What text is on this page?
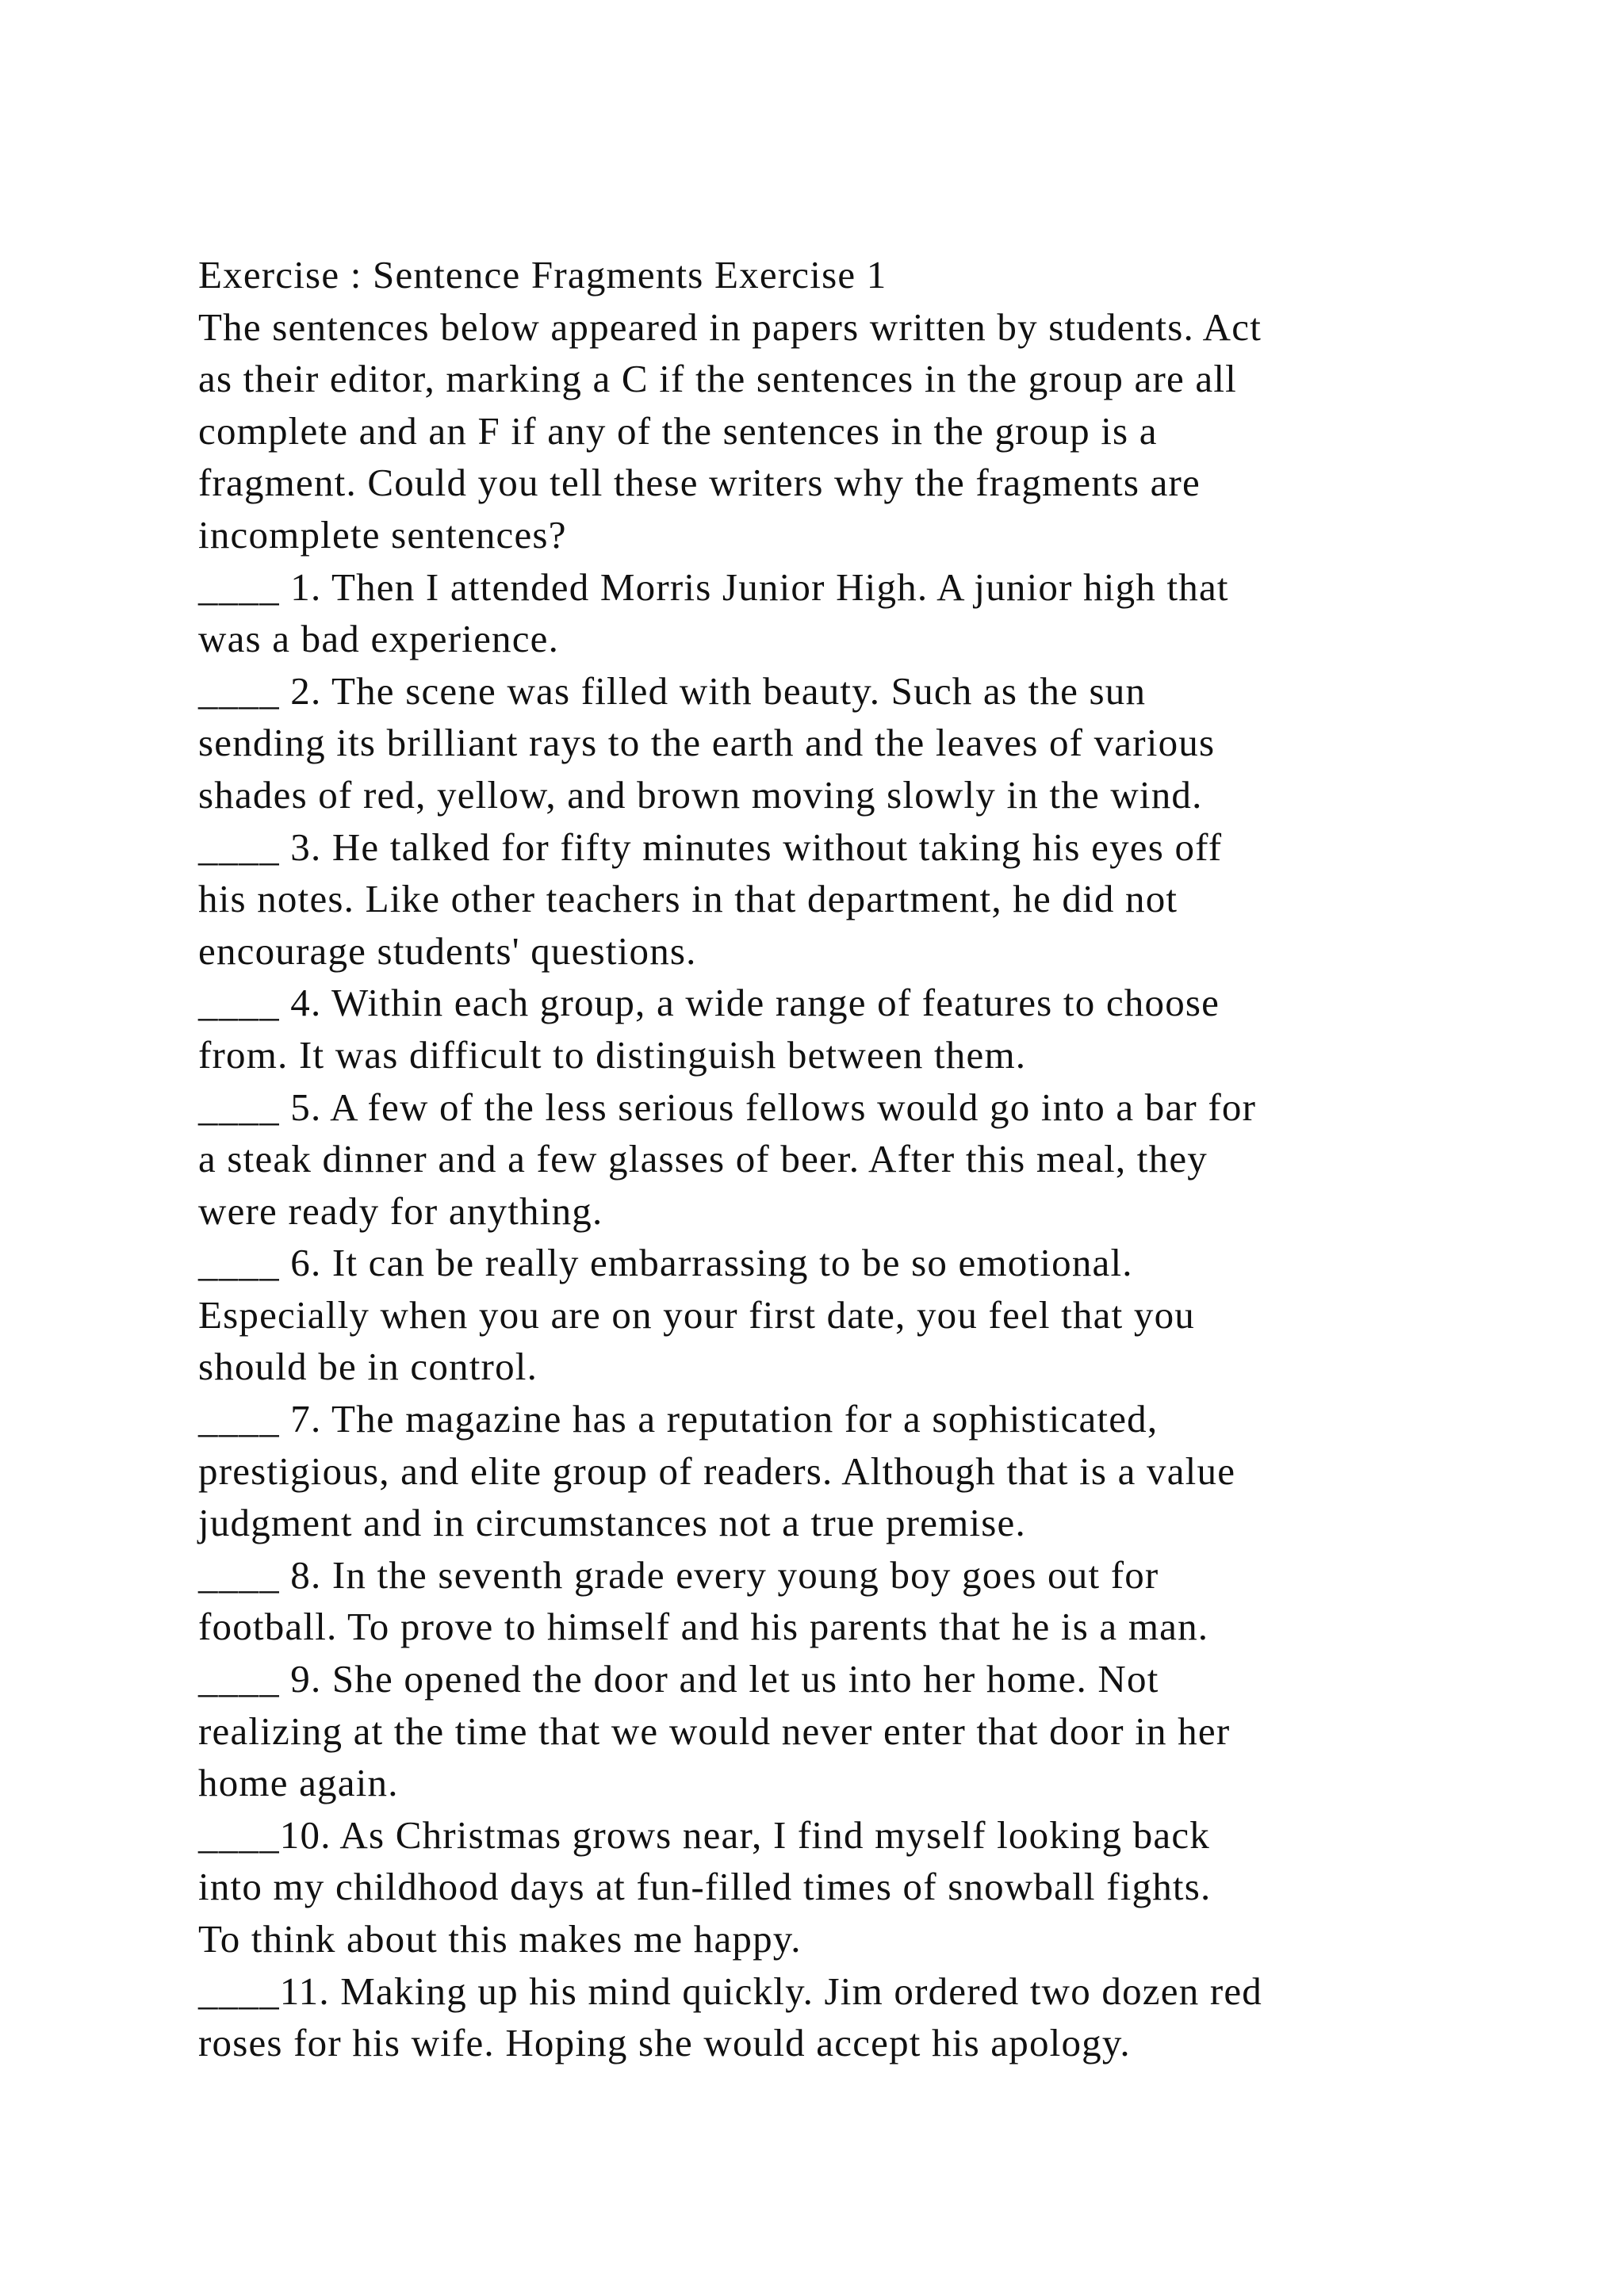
Exercise : Sentence Fragments Exercise 1
The sentences below appeared in papers written by students. Act
as their editor, marking a C if the sentences in the group are all
complete and an F if any of the sentences in the group is a
fragment. Could you tell these writers why the fragments are
incomplete sentences?
____ 1. Then I attended Morris Junior High. A junior high that
was a bad experience.
____ 2. The scene was filled with beauty. Such as the sun
sending its brilliant rays to the earth and the leaves of various
shades of red, yellow, and brown moving slowly in the wind.
____ 3. He talked for fifty minutes without taking his eyes off
his notes. Like other teachers in that department, he did not
encourage students' questions.
____ 4. Within each group, a wide range of features to choose
from. It was difficult to distinguish between them.
____ 5. A few of the less serious fellows would go into a bar for
a steak dinner and a few glasses of beer. After this meal, they
were ready for anything.
____ 6. It can be really embarrassing to be so emotional.
Especially when you are on your first date, you feel that you
should be in control.
____ 7. The magazine has a reputation for a sophisticated,
prestigious, and elite group of readers. Although that is a value
judgment and in circumstances not a true premise.
____ 8. In the seventh grade every young boy goes out for
football. To prove to himself and his parents that he is a man.
____ 9. She opened the door and let us into her home. Not
realizing at the time that we would never enter that door in her
home again.
____10. As Christmas grows near, I find myself looking back
into my childhood days at fun-filled times of snowball fights.
To think about this makes me happy.
____11. Making up his mind quickly. Jim ordered two dozen red
roses for his wife. Hoping she would accept his apology.
